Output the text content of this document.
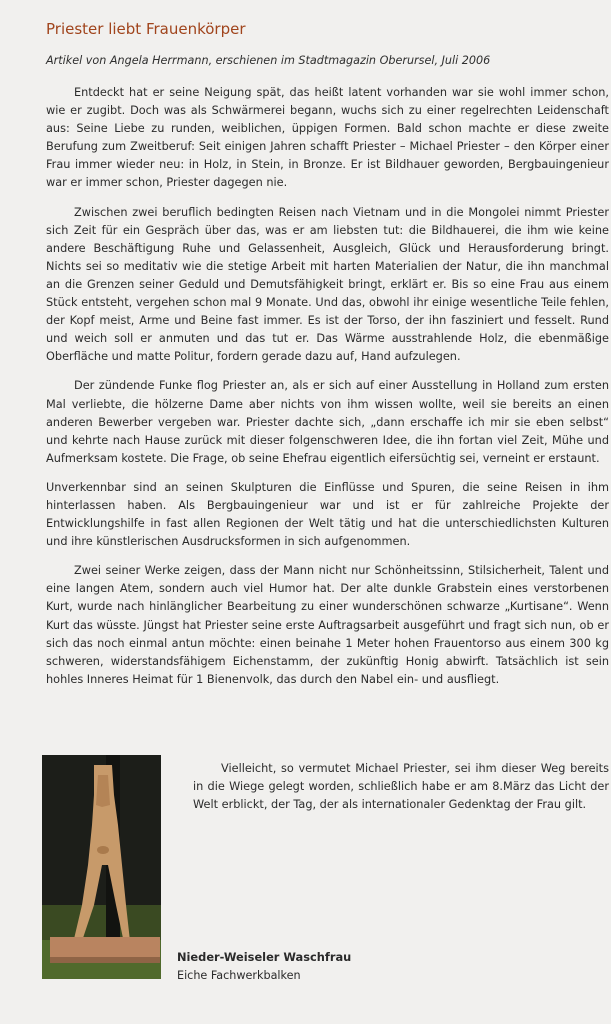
Priester liebt Frauenkörper

Artikel von Angela Herrmann, erschienen im Stadtmagazin Oberursel, Juli 2006

Entdeckt hat er seine Neigung spät, das heißt latent vorhanden war sie wohl immer schon, wie er zugibt. Doch was als Schwärmerei begann, wuchs sich zu einer regelrechten Leidenschaft aus: Seine Liebe zu runden, weiblichen, üppigen Formen. Bald schon machte er diese zweite Berufung zum Zweitberuf: Seit einigen Jahren schafft Priester – Michael Priester – den Körper einer Frau immer wieder neu: in Holz, in Stein, in Bronze. Er ist Bildhauer geworden, Bergbauingenieur war er immer schon, Priester dagegen nie.

Zwischen zwei beruflich bedingten Reisen nach Vietnam und in die Mongolei nimmt Priester sich Zeit für ein Gespräch über das, was er am liebsten tut: die Bildhauerei, die ihm wie keine andere Beschäftigung Ruhe und Gelassenheit, Ausgleich, Glück und Herausforderung bringt. Nichts sei so meditativ wie die stetige Arbeit mit harten Materialien der Natur, die ihn manchmal an die Grenzen seiner Geduld und Demutsfähigkeit bringt, erklärt er. Bis so eine Frau aus einem Stück entsteht, vergehen schon mal 9 Monate. Und das, obwohl ihr einige wesentliche Teile fehlen, der Kopf meist, Arme und Beine fast immer. Es ist der Torso, der ihn fasziniert und fesselt. Rund und weich soll er anmuten und das tut er. Das Wärme ausstrahlende Holz, die ebenmäßige Oberfläche und matte Politur, fordern gerade dazu auf, Hand aufzulegen.

Der zündende Funke flog Priester an, als er sich auf einer Ausstellung in Holland zum ersten Mal verliebte, die hölzerne Dame aber nichts von ihm wissen wollte, weil sie bereits an einen anderen Bewerber vergeben war. Priester dachte sich, „dann erschaffe ich mir sie eben selbst“ und kehrte nach Hause zurück mit dieser folgenschweren Idee, die ihn fortan viel Zeit, Mühe und Aufmerksam kostete. Die Frage, ob seine Ehefrau eigentlich eifersüchtig sei, verneint er erstaunt.

Unverkennbar sind an seinen Skulpturen die Einflüsse und Spuren, die seine Reisen in ihm hinterlassen haben. Als Bergbauingenieur war und ist er für zahlreiche Projekte der Entwicklungshilfe in fast allen Regionen der Welt tätig und hat die unterschiedlichsten Kulturen und ihre künstlerischen Ausdrucksformen in sich aufgenommen.

Zwei seiner Werke zeigen, dass der Mann nicht nur Schönheitssinn, Stilsicherheit, Talent und eine langen Atem, sondern auch viel Humor hat. Der alte dunkle Grabstein eines verstorbenen Kurt, wurde nach hinlänglicher Bearbeitung zu einer wunderschönen schwarze „Kurtisane“. Wenn Kurt das wüsste. Jüngst hat Priester seine erste Auftragsarbeit ausgeführt und fragt sich nun, ob er sich das noch einmal antun möchte: einen beinahe 1 Meter hohen Frauentorso aus einem 300 kg schweren, widerstandsfähigem Eichenstamm, der zukünftig Honig abwirft. Tatsächlich ist sein hohles Inneres Heimat für 1 Bienenvolk, das durch den Nabel ein- und ausfliegt.

Vielleicht, so vermutet Michael Priester, sei ihm dieser Weg bereits in die Wiege gelegt worden, schließlich habe er am 8.März das Licht der Welt erblickt, der Tag, der als internationaler Gedenktag der Frau gilt.

Nieder-Weiseler Waschfrau

Eiche Fachwerkbalken
